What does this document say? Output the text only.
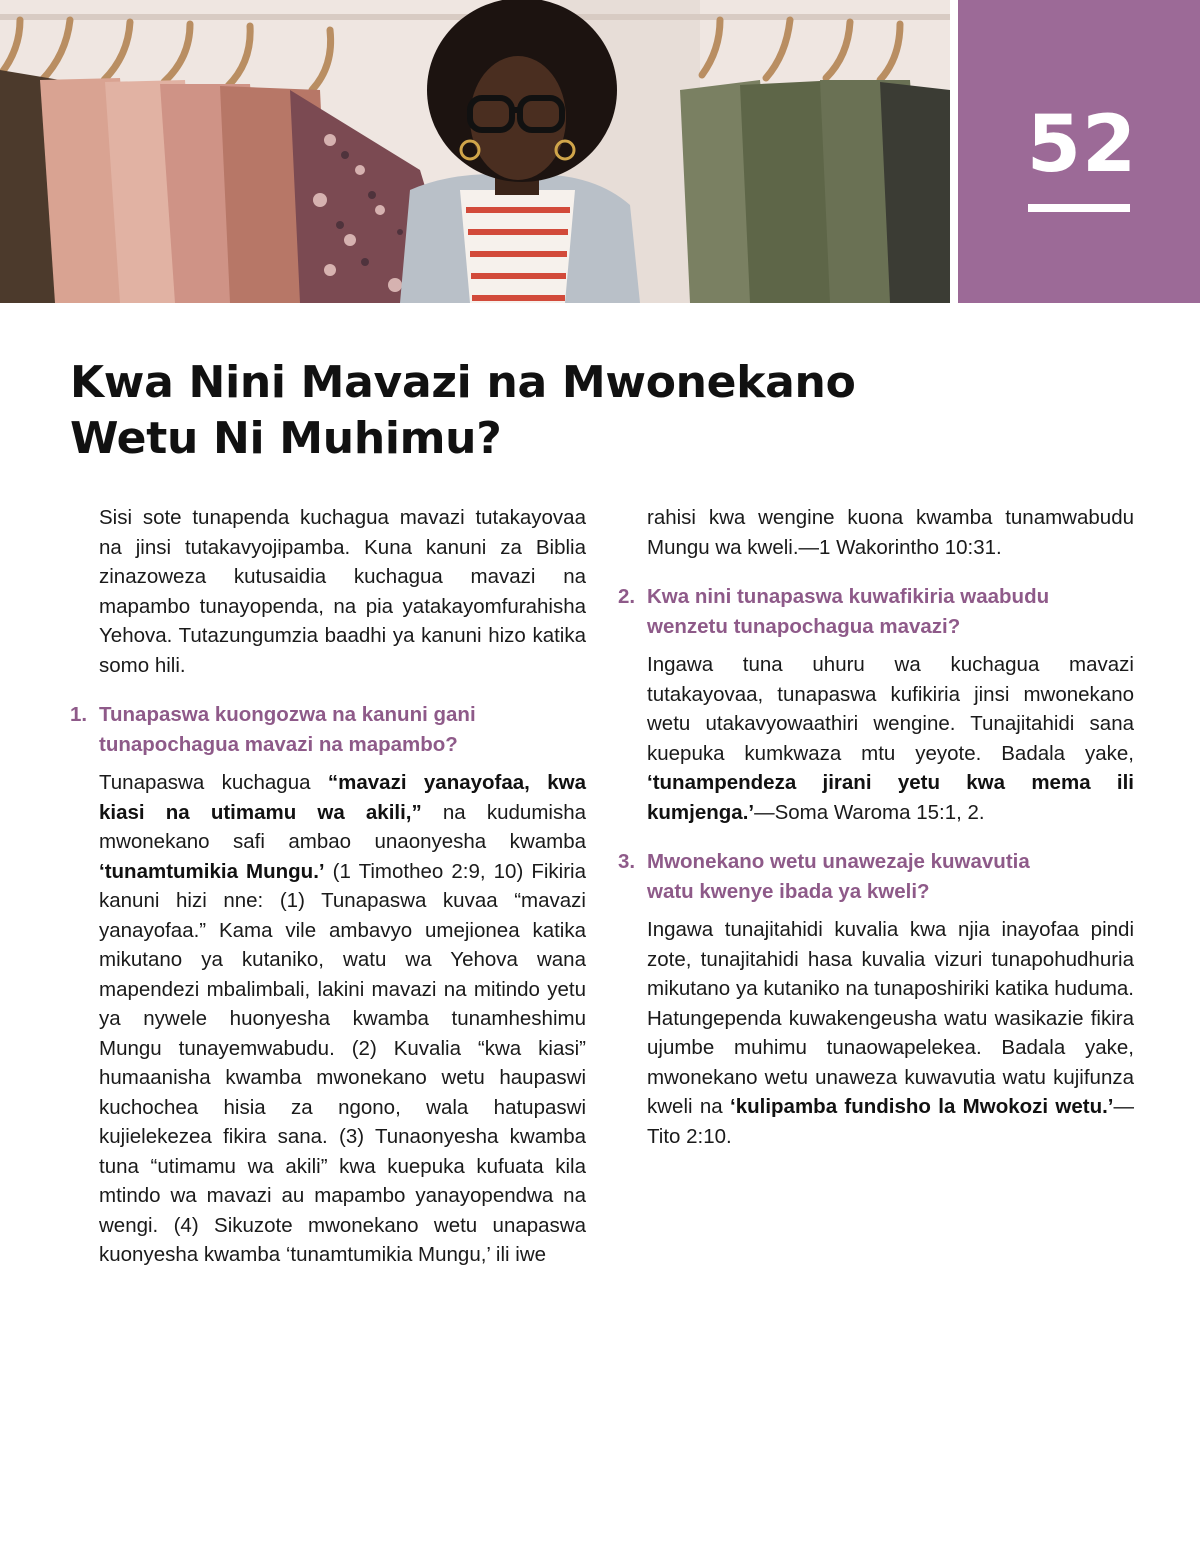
52
Kwa Nini Mavazi na Mwonekano
Wetu Ni Muhimu?

Sisi sote tunapenda kuchagua mavazi tutakayovaa na jinsi tutakavyojipamba. Kuna kanuni za Biblia zinazoweza kutusaidia kuchagua mavazi na mapambo tunayopenda, na pia yatakayomfurahisha Yehova. Tutazungumzia baadhi ya kanuni hizo katika somo hili.

1. Tunapaswa kuongozwa na kanuni gani
tunapochagua mavazi na mapambo?

Tunapaswa kuchagua “mavazi yanayofaa, kwa kiasi na utimamu wa akili,” na kudumisha mwonekano safi ambao unaonyesha kwamba ‘tunamtumikia Mungu.’ (1 Timotheo 2:9, 10) Fikiria kanuni hizi nne: (1) Tunapaswa kuvaa “mavazi yanayofaa.” Kama vile ambavyo umejionea katika mikutano ya kutaniko, watu wa Yehova wana mapendezi mbalimbali, lakini mavazi na mitindo yetu ya nywele huonyesha kwamba tunamheshimu Mungu tunayemwabudu. (2) Kuvalia “kwa kiasi” humaanisha kwamba mwonekano wetu haupaswi kuchochea hisia za ngono, wala hatupaswi kujielekezea fikira sana. (3) Tunaonyesha kwamba tuna “utimamu wa akili” kwa kuepuka kufuata kila mtindo wa mavazi au mapambo yanayopendwa na wengi. (4) Sikuzote mwonekano wetu unapaswa kuonyesha kwamba ‘tunamtumikia Mungu,’ ili iwe

rahisi kwa wengine kuona kwamba tunamwabudu Mungu wa kweli.—1 Wakorintho 10:31.

2. Kwa nini tunapaswa kuwafikiria waabudu
wenzetu tunapochagua mavazi?

Ingawa tuna uhuru wa kuchagua mavazi tutakayovaa, tunapaswa kufikiria jinsi mwonekano wetu utakavyowaathiri wengine. Tunajitahidi sana kuepuka kumkwaza mtu yeyote. Badala yake, ‘tunampendeza jirani yetu kwa mema ili kumjenga.’—Soma Waroma 15:1, 2.

3. Mwonekano wetu unawezaje kuwavutia
watu kwenye ibada ya kweli?

Ingawa tunajitahidi kuvalia kwa njia inayofaa pindi zote, tunajitahidi hasa kuvalia vizuri tunapohudhuria mikutano ya kutaniko na tunaposhiriki katika huduma. Hatungependa kuwakengeusha watu wasikazie fikira ujumbe muhimu tunaowapelekea. Badala yake, mwonekano wetu unaweza kuwavutia watu kujifunza kweli na ‘kulipamba fundisho la Mwokozi wetu.’—Tito 2:10.
